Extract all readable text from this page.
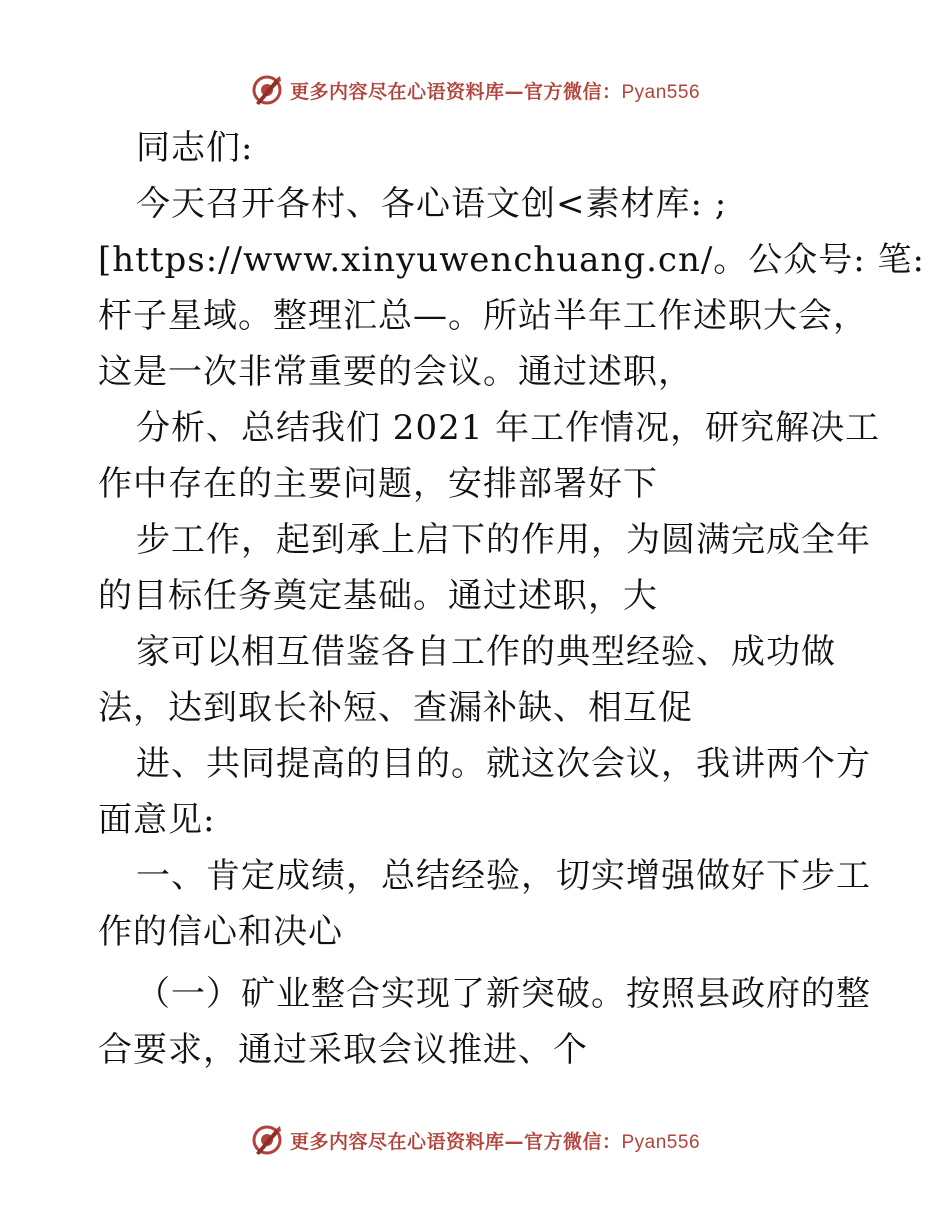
更多内容尽在心语资料库—官方微信：Pyan556
同志们:
今天召开各村、各心语文创<素材库: ;
[https://www.xinyuwenchuang.cn/。公众号: 笔:
杆子星域。整理汇总—。所站半年工作述职大会，
这是一次非常重要的会议。通过述职，
分析、总结我们 2021 年工作情况，研究解决工
作中存在的主要问题，安排部署好下
步工作，起到承上启下的作用，为圆满完成全年
的目标任务奠定基础。通过述职，大
家可以相互借鉴各自工作的典型经验、成功做
法，达到取长补短、查漏补缺、相互促
进、共同提高的目的。就这次会议，我讲两个方
面意见:
一、肯定成绩，总结经验，切实增强做好下步工
作的信心和决心
（一）矿业整合实现了新突破。按照县政府的整
合要求，通过采取会议推进、个
更多内容尽在心语资料库—官方微信：Pyan556
